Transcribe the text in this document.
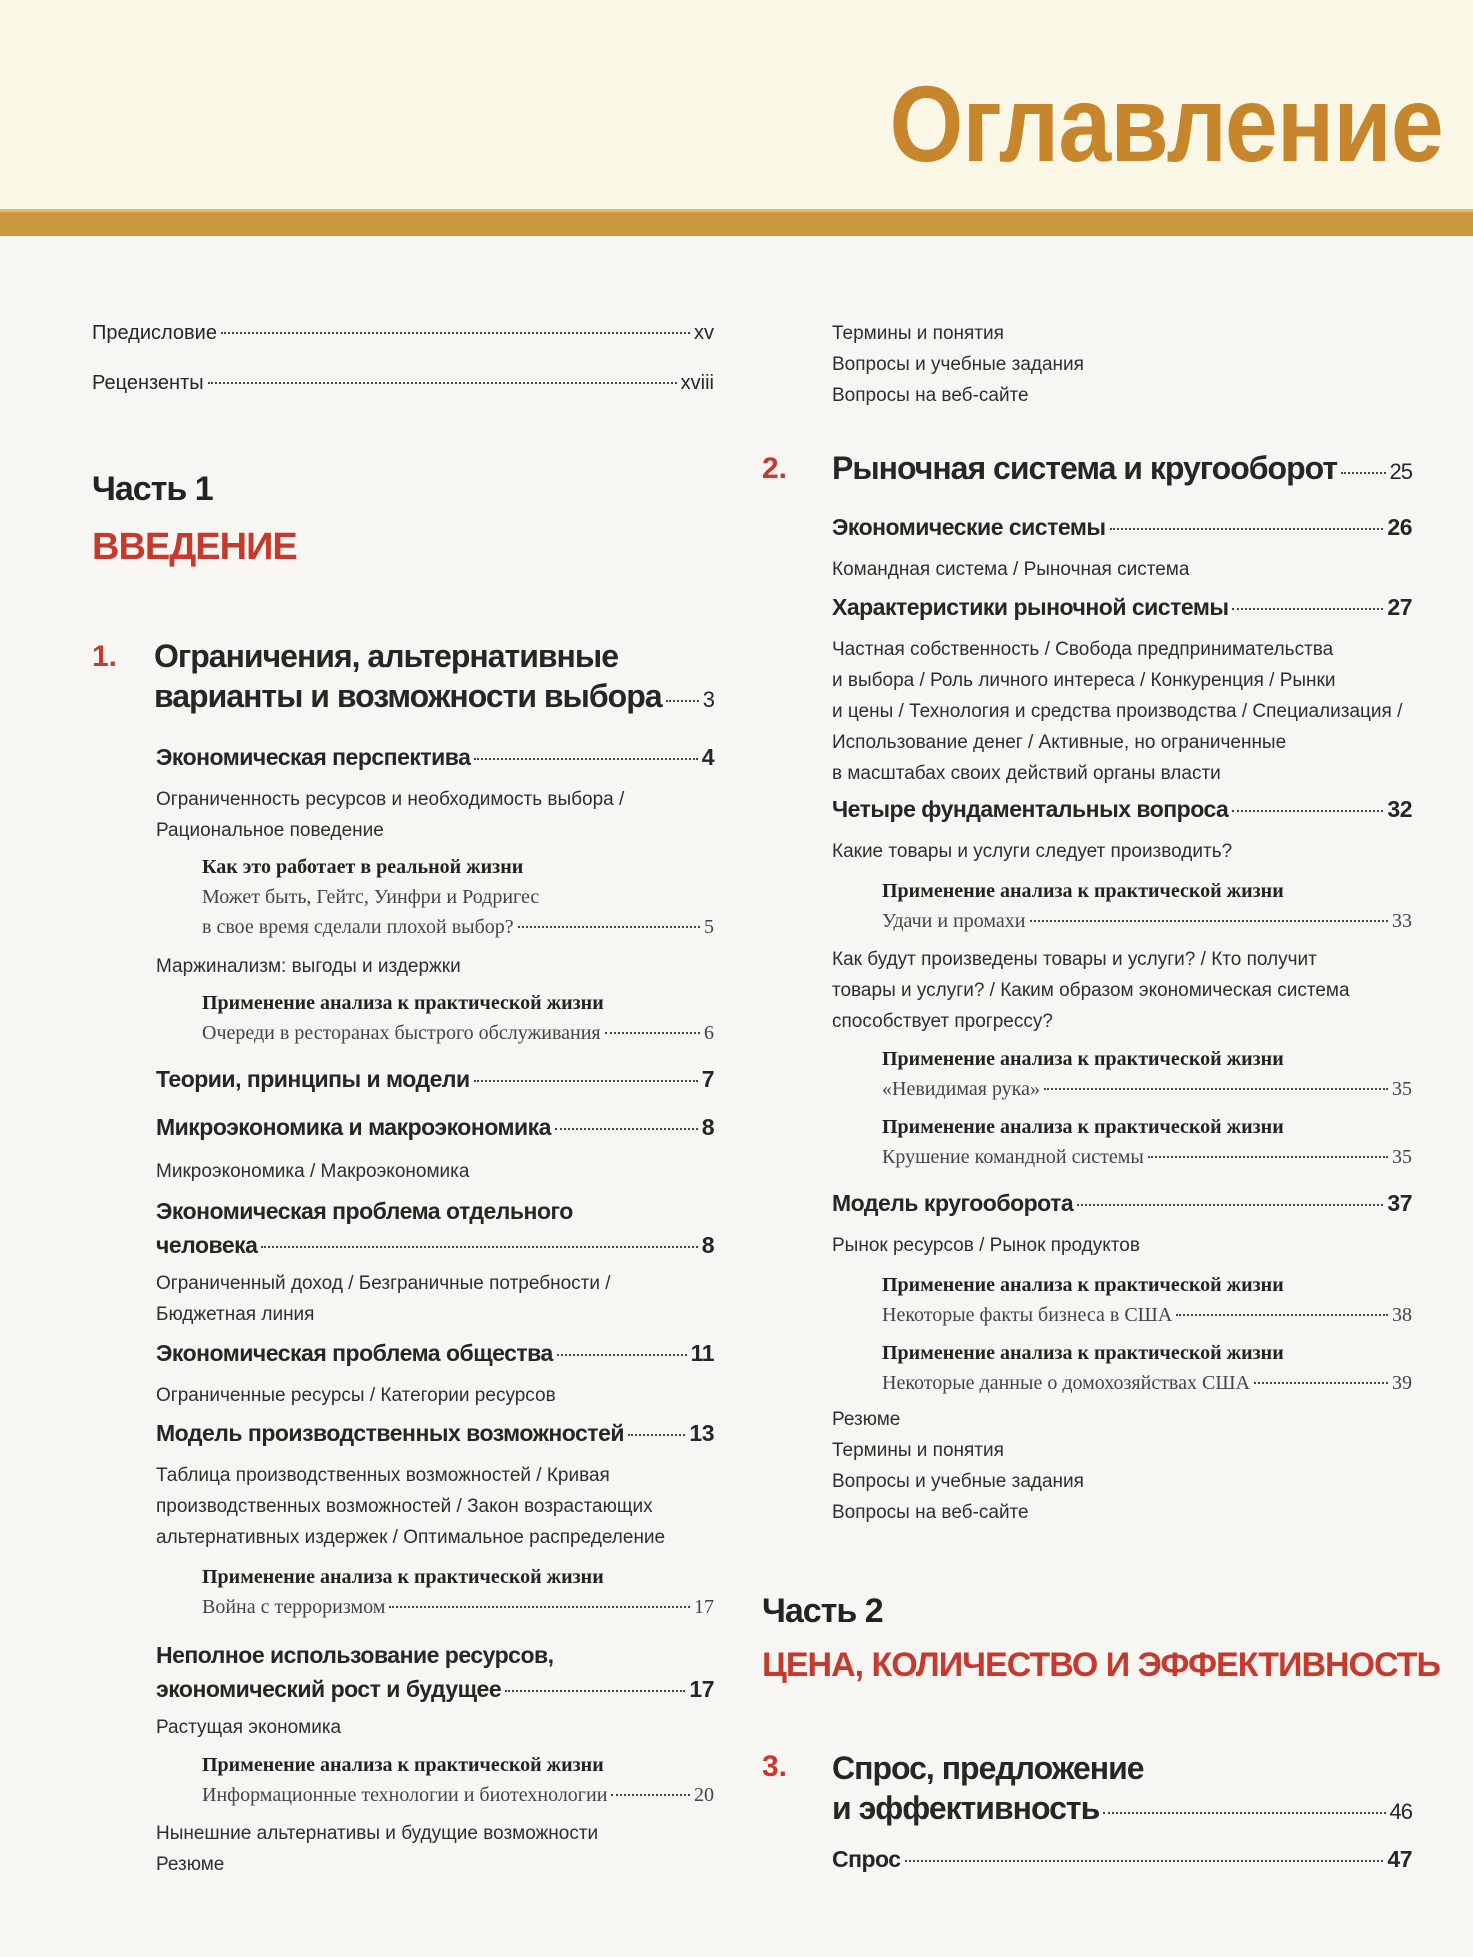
Оглавление
Предисловие	xv
Рецензенты	xviii
Часть 1
ВВЕДЕНИЕ
1. Ограничения, альтернативные
варианты и возможности выбора 3
Экономическая перспектива	4
Ограниченность ресурсов и необходимость выбора /
Рациональное поведение
Как это работает в реальной жизни
Может быть, Гейтс, Уинфри и Родригес
в свое время сделали плохой выбор?	5
Маржинализм: выгоды и издержки
Применение анализа к практической жизни
Очереди в ресторанах быстрого обслуживания	6
Теории, принципы и модели	7
Микроэкономика и макроэкономика	8
Микроэкономика / Макроэкономика
Экономическая проблема отдельного
человека	8
Ограниченный доход / Безграничные потребности /
Бюджетная линия
Экономическая проблема общества	11
Ограниченные ресурсы / Категории ресурсов
Модель производственных возможностей	13
Таблица производственных возможностей / Кривая
производственных возможностей / Закон возрастающих
альтернативных издержек / Оптимальное распределение
Применение анализа к практической жизни
Война с терроризмом	17
Неполное использование ресурсов,
экономический рост и будущее	17
Растущая экономика
Применение анализа к практической жизни
Информационные технологии и биотехнологии	20
Нынешние альтернативы и будущие возможности
Резюме
Термины и понятия
Вопросы и учебные задания
Вопросы на веб-сайте
2. Рыночная система и кругооборот 25
Экономические системы	26
Командная система / Рыночная система
Характеристики рыночной системы	27
Частная собственность / Свобода предпринимательства
и выбора / Роль личного интереса / Конкуренция / Рынки
и цены / Технология и средства производства / Специализация /
Использование денег / Активные, но ограниченные
в масштабах своих действий органы власти
Четыре фундаментальных вопроса	32
Какие товары и услуги следует производить?
Применение анализа к практической жизни
Удачи и промахи	33
Как будут произведены товары и услуги? / Кто получит
товары и услуги? / Каким образом экономическая система
способствует прогрессу?
Применение анализа к практической жизни
«Невидимая рука»	35
Применение анализа к практической жизни
Крушение командной системы	35
Модель кругооборота	37
Рынок ресурсов / Рынок продуктов
Применение анализа к практической жизни
Некоторые факты бизнеса в США	38
Применение анализа к практической жизни
Некоторые данные о домохозяйствах США	39
Резюме
Термины и понятия
Вопросы и учебные задания
Вопросы на веб-сайте
Часть 2
ЦЕНА, КОЛИЧЕСТВО И ЭФФЕКТИВНОСТЬ
3. Спрос, предложение
и эффективность	46
Спрос	47
